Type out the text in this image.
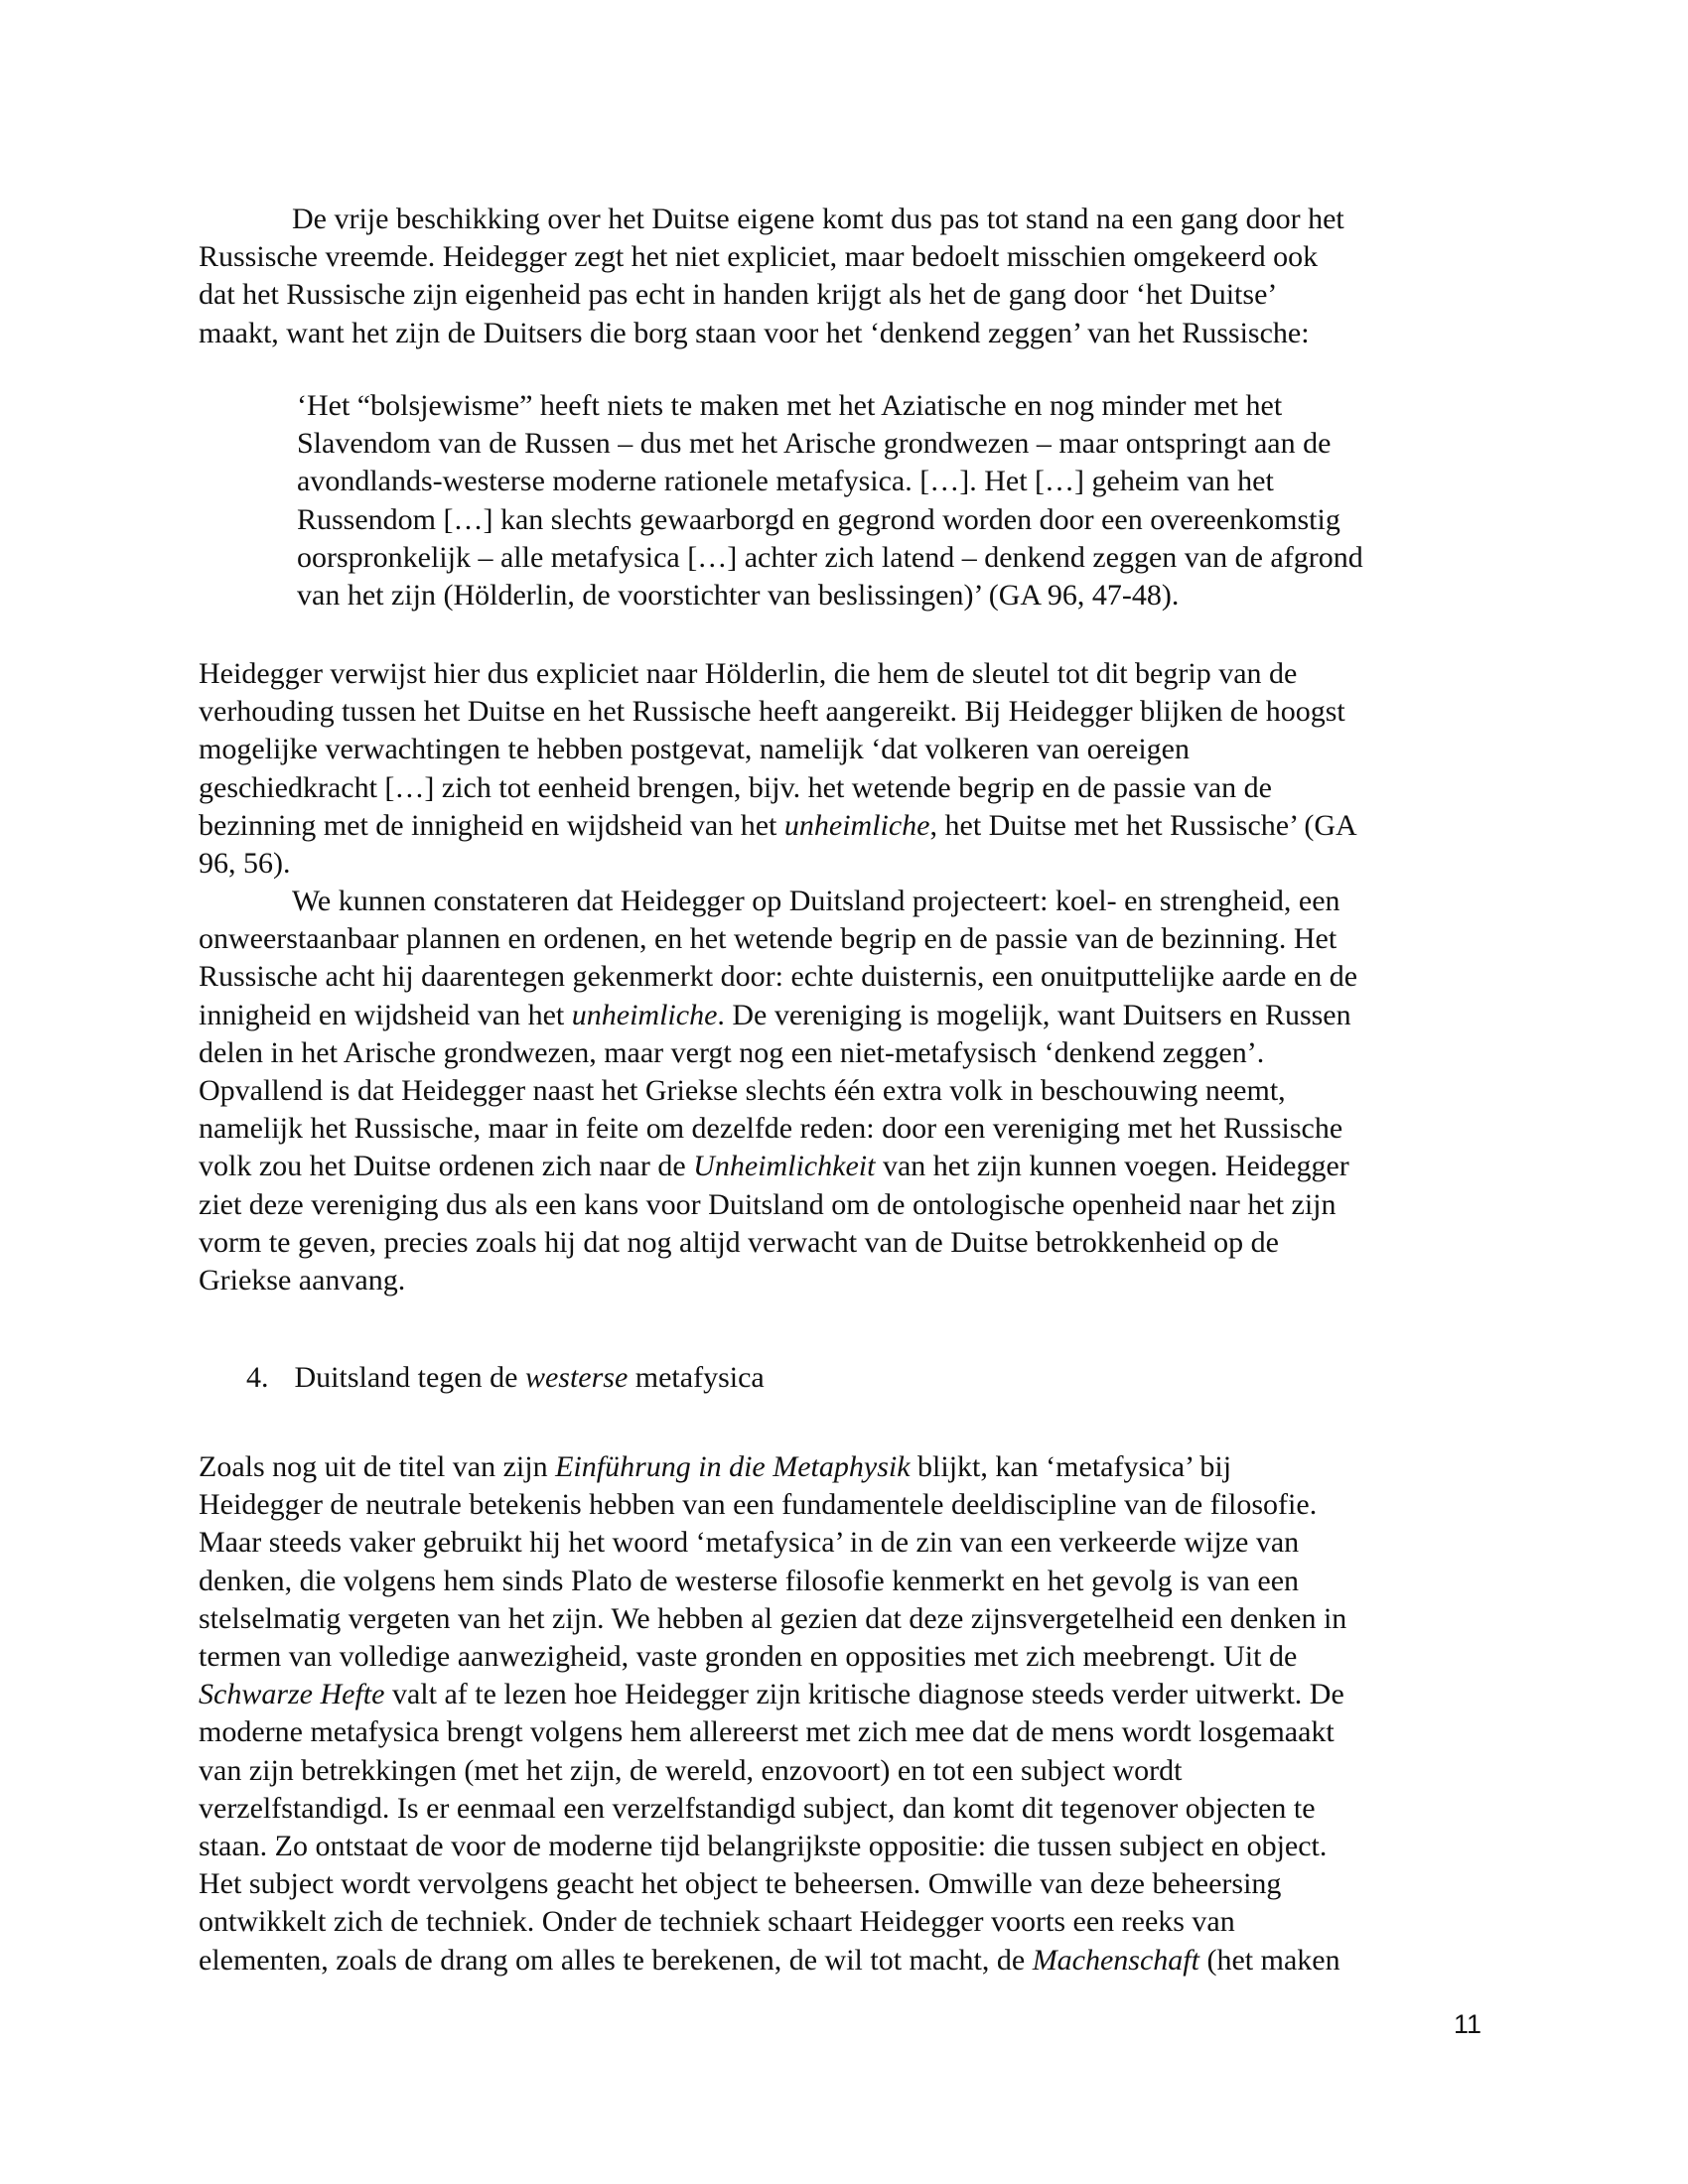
De vrije beschikking over het Duitse eigene komt dus pas tot stand na een gang door het
Russische vreemde. Heidegger zegt het niet expliciet, maar bedoelt misschien omgekeerd ook
dat het Russische zijn eigenheid pas echt in handen krijgt als het de gang door ‘het Duitse’
maakt, want het zijn de Duitsers die borg staan voor het ‘denkend zeggen’ van het Russische:
‘Het “bolsjewisme” heeft niets te maken met het Aziatische en nog minder met het
Slavendom van de Russen – dus met het Arische grondwezen – maar ontspringt aan de
avondlands-westerse moderne rationele metafysica. […]. Het […] geheim van het
Russendom […] kan slechts gewaarborgd en gegrond worden door een overeenkomstig
oorspronkelijk – alle metafysica […] achter zich latend – denkend zeggen van de afgrond
van het zijn (Hölderlin, de voorstichter van beslissingen)’ (GA 96, 47-48).
Heidegger verwijst hier dus expliciet naar Hölderlin, die hem de sleutel tot dit begrip van de
verhouding tussen het Duitse en het Russische heeft aangereikt. Bij Heidegger blijken de hoogst
mogelijke verwachtingen te hebben postgevat, namelijk ‘dat volkeren van oereigen
geschiedkracht […] zich tot eenheid brengen, bijv. het wetende begrip en de passie van de
bezinning met de innigheid en wijdsheid van het unheimliche, het Duitse met het Russische’ (GA
96, 56).
We kunnen constateren dat Heidegger op Duitsland projecteert: koel- en strengheid, een
onweerstaanbaar plannen en ordenen, en het wetende begrip en de passie van de bezinning. Het
Russische acht hij daarentegen gekenmerkt door: echte duisternis, een onuitputtelijke aarde en de
innigheid en wijdsheid van het unheimliche. De vereniging is mogelijk, want Duitsers en Russen
delen in het Arische grondwezen, maar vergt nog een niet-metafysisch ‘denkend zeggen’.
Opvallend is dat Heidegger naast het Griekse slechts één extra volk in beschouwing neemt,
namelijk het Russische, maar in feite om dezelfde reden: door een vereniging met het Russische
volk zou het Duitse ordenen zich naar de Unheimlichkeit van het zijn kunnen voegen. Heidegger
ziet deze vereniging dus als een kans voor Duitsland om de ontologische openheid naar het zijn
vorm te geven, precies zoals hij dat nog altijd verwacht van de Duitse betrokkenheid op de
Griekse aanvang.
4. Duitsland tegen de westerse metafysica
Zoals nog uit de titel van zijn Einführung in die Metaphysik blijkt, kan ‘metafysica’ bij
Heidegger de neutrale betekenis hebben van een fundamentele deeldiscipline van de filosofie.
Maar steeds vaker gebruikt hij het woord ‘metafysica’ in de zin van een verkeerde wijze van
denken, die volgens hem sinds Plato de westerse filosofie kenmerkt en het gevolg is van een
stelselmatig vergeten van het zijn. We hebben al gezien dat deze zijnsvergetelheid een denken in
termen van volledige aanwezigheid, vaste gronden en opposities met zich meebrengt. Uit de
Schwarze Hefte valt af te lezen hoe Heidegger zijn kritische diagnose steeds verder uitwerkt. De
moderne metafysica brengt volgens hem allereerst met zich mee dat de mens wordt losgemaakt
van zijn betrekkingen (met het zijn, de wereld, enzovoort) en tot een subject wordt
verzelfstandigd. Is er eenmaal een verzelfstandigd subject, dan komt dit tegenover objecten te
staan. Zo ontstaat de voor de moderne tijd belangrijkste oppositie: die tussen subject en object.
Het subject wordt vervolgens geacht het object te beheersen. Omwille van deze beheersing
ontwikkelt zich de techniek. Onder de techniek schaart Heidegger voorts een reeks van
elementen, zoals de drang om alles te berekenen, de wil tot macht, de Machenschaft (het maken
11
